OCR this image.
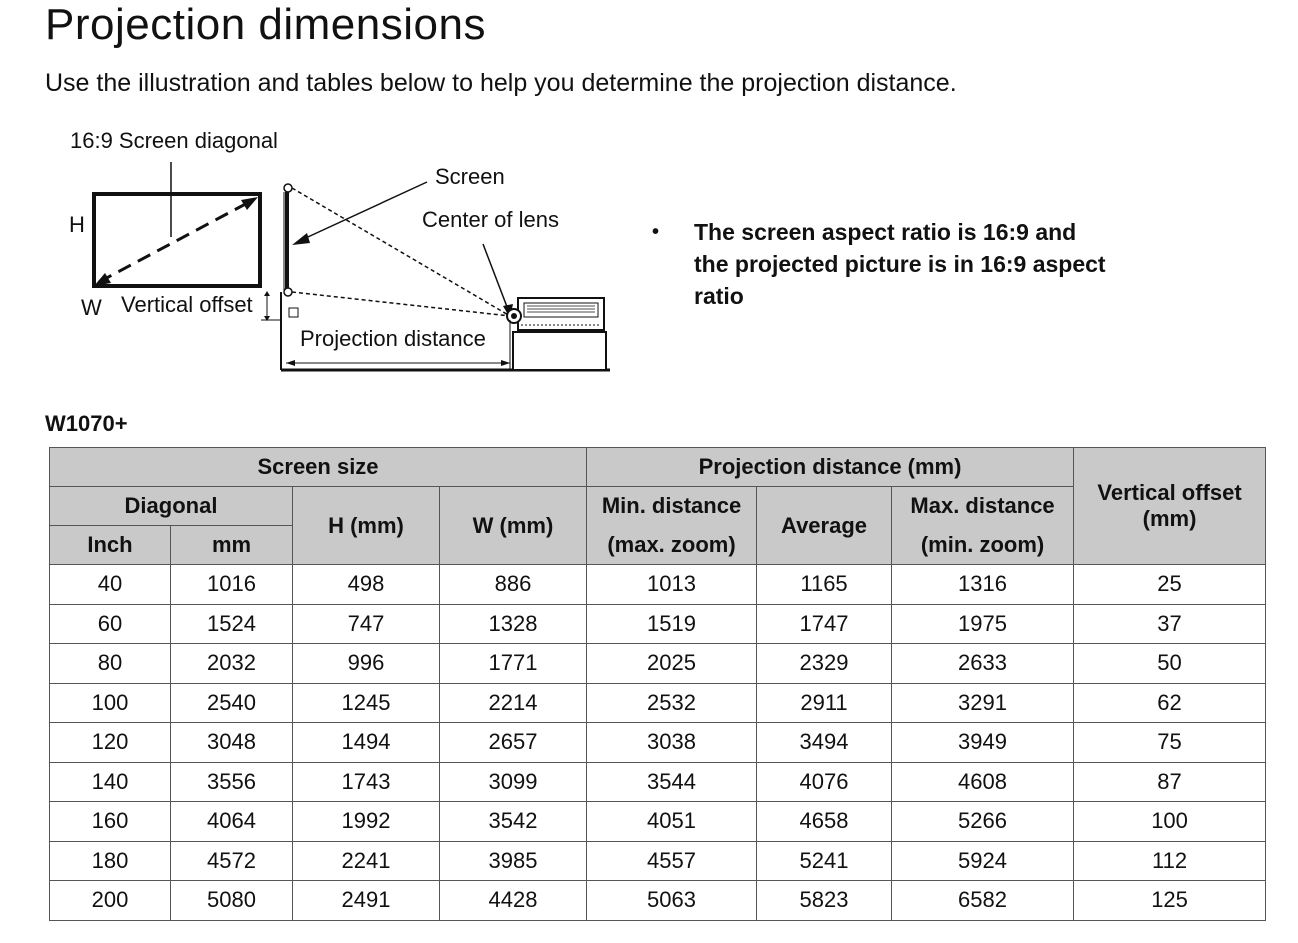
Projection dimensions

Use the illustration and tables below to help you determine the projection distance.

16:9 Screen diagonal
H
W Vertical offset
Screen
Center of lens
Projection distance
•	The screen aspect ratio is 16:9 and the projected picture is in 16:9 aspect ratio

W1070+

Screen size				Projection distance (mm)			Vertical offset (mm)
Diagonal		H (mm)	W (mm)	Min. distance	Average	Max. distance	
Inch	mm			(max. zoom)		(min. zoom)	
40	1016	498	886	1013	1165	1316	25
60	1524	747	1328	1519	1747	1975	37
80	2032	996	1771	2025	2329	2633	50
100	2540	1245	2214	2532	2911	3291	62
120	3048	1494	2657	3038	3494	3949	75
140	3556	1743	3099	3544	4076	4608	87
160	4064	1992	3542	4051	4658	5266	100
180	4572	2241	3985	4557	5241	5924	112
200	5080	2491	4428	5063	5823	6582	125
